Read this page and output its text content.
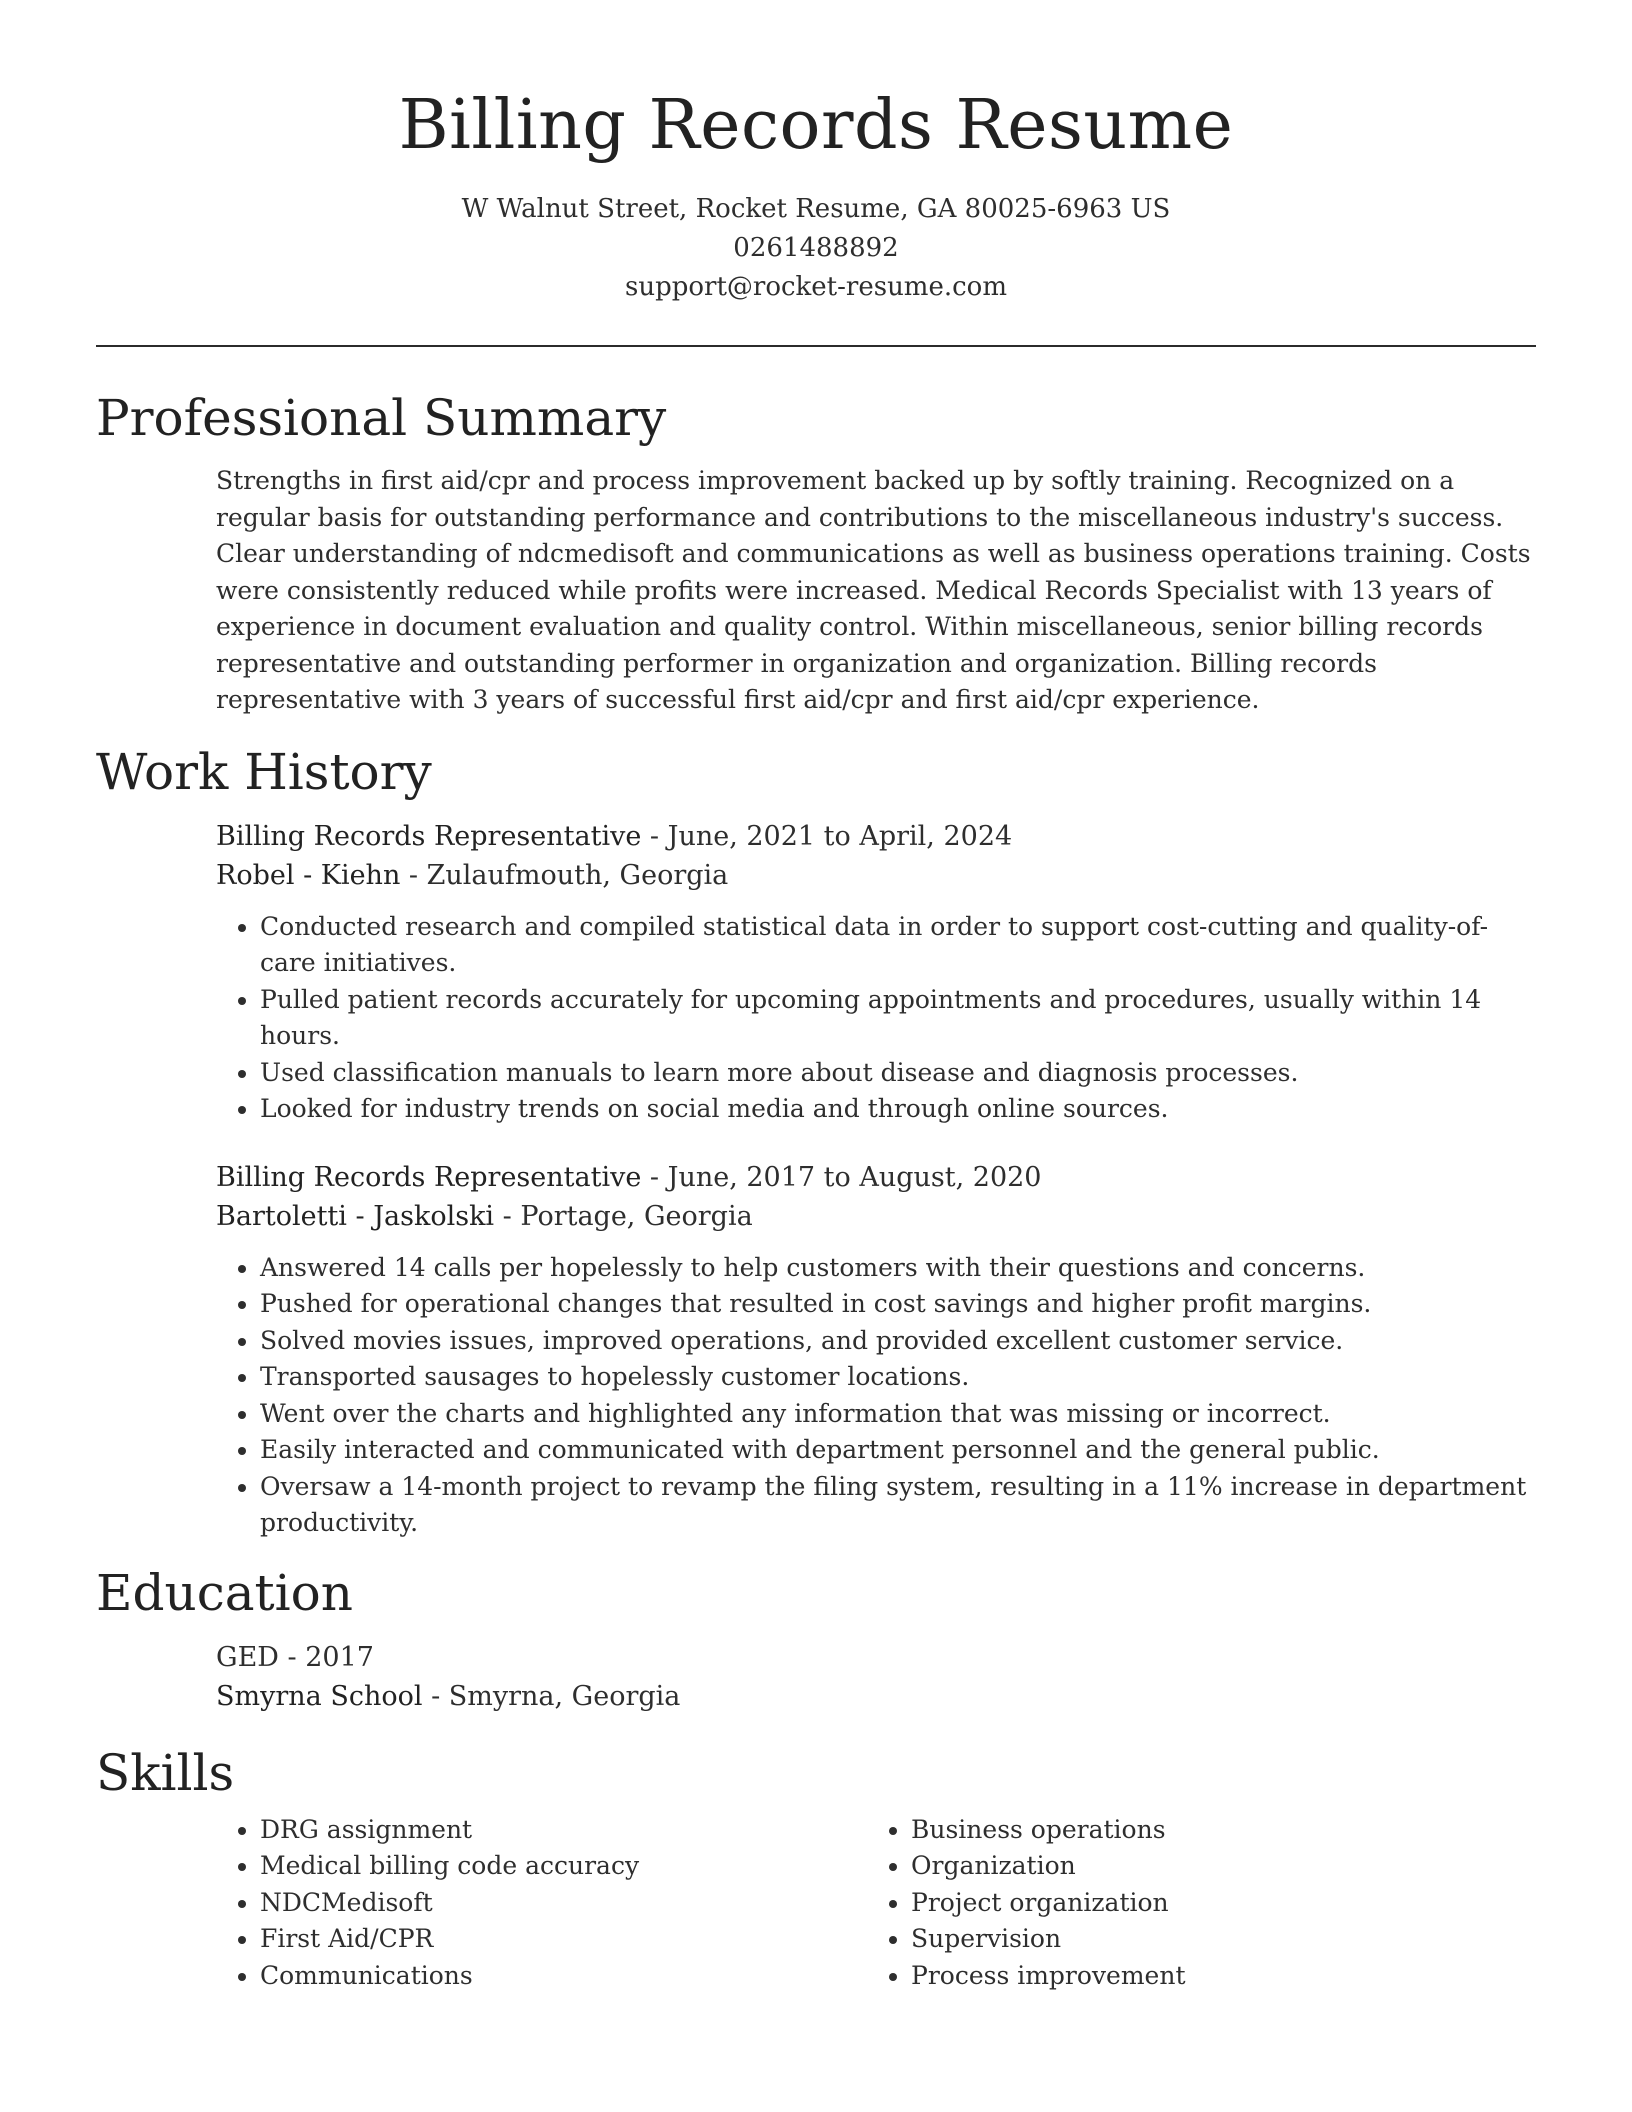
Billing Records Resume
W Walnut Street, Rocket Resume, GA 80025-6963 US
0261488892
support@rocket-resume.com
Professional Summary
Strengths in first aid/cpr and process improvement backed up by softly training. Recognized on a regular basis for outstanding performance and contributions to the miscellaneous industry's success. Clear understanding of ndcmedisoft and communications as well as business operations training. Costs were consistently reduced while profits were increased. Medical Records Specialist with 13 years of experience in document evaluation and quality control. Within miscellaneous, senior billing records representative and outstanding performer in organization and organization. Billing records representative with 3 years of successful first aid/cpr and first aid/cpr experience.
Work History
Billing Records Representative - June, 2021 to April, 2024
Robel - Kiehn - Zulaufmouth, Georgia
• Conducted research and compiled statistical data in order to support cost-cutting and quality-of-care initiatives.
• Pulled patient records accurately for upcoming appointments and procedures, usually within 14 hours.
• Used classification manuals to learn more about disease and diagnosis processes.
• Looked for industry trends on social media and through online sources.
Billing Records Representative - June, 2017 to August, 2020
Bartoletti - Jaskolski - Portage, Georgia
• Answered 14 calls per hopelessly to help customers with their questions and concerns.
• Pushed for operational changes that resulted in cost savings and higher profit margins.
• Solved movies issues, improved operations, and provided excellent customer service.
• Transported sausages to hopelessly customer locations.
• Went over the charts and highlighted any information that was missing or incorrect.
• Easily interacted and communicated with department personnel and the general public.
• Oversaw a 14-month project to revamp the filing system, resulting in a 11% increase in department productivity.
Education
GED - 2017
Smyrna School - Smyrna, Georgia
Skills
• DRG assignment
• Medical billing code accuracy
• NDCMedisoft
• First Aid/CPR
• Communications
• Business operations
• Organization
• Project organization
• Supervision
• Process improvement
